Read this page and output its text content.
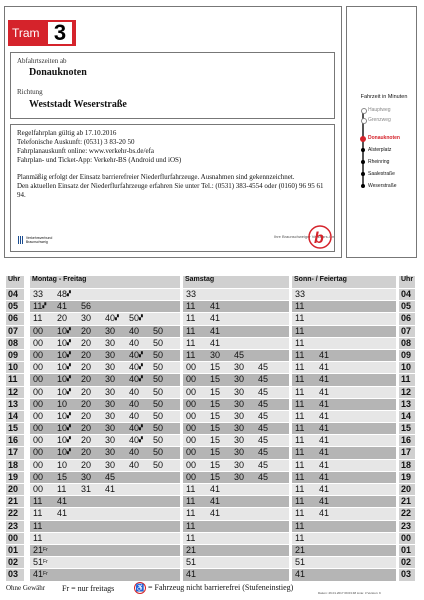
Tram 3
Abfahrtszeiten ab
Donauknoten
Richtung
Weststadt Weserstraße

Regelfahrplan gültig ab 17.10.2016

Telefonische Auskunft: (0531) 3 83-20 50

Fahrplanauskunft online: www.verkehr-bs.de/efa

Fahrplan- und Ticket-App: Verkehr-BS (Android und iOS)

Planmäßig erfolgt der Einsatz barrierefreier Niederflurfahrzeuge. Ausnahmen sind gekennzeichnet.

Den aktuellen Einsatz der Niederflurfahrzeuge erfahren Sie unter Tel.: (0531) 383-4554 oder (0160) 96 95 61 94.

Verkehrsverbund Braunschweig
Ihre Braunschweiger Verkehrs-GmbH
b
Fahrzeit in Minuten
Hauptweg
Grenzweg
Donauknoten
Alsterplatz
Rheinring
Saalestraße
Weserstraße
Uhr	Montag - Freitag	Samstag	Sonn- / Feiertag	Uhr
04	33 48▞	33	33	04
05	11▞ 41 56	11 41	11	05
06	11 20 30 40▞ 50▞	11 41	11	06
07	00 10▞ 20 30 40 50	11 41	11	07
08	00 10▞ 20 30 40 50	11 41	11	08
09	00 10▞ 20 30 40▞ 50	11 30 45	11 41	09
10	00 10▞ 20 30 40▞ 50	00 15 30 45	11 41	10
11	00 10▞ 20 30 40▞ 50	00 15 30 45	11 41	11
12	00 10▞ 20 30 40 50	00 15 30 45	11 41	12
13	00 10 20 30 40 50	00 15 30 45	11 41	13
14	00 10▞ 20 30 40 50	00 15 30 45	11 41	14
15	00 10▞ 20 30 40▞ 50	00 15 30 45	11 41	15
16	00 10▞ 20 30 40▞ 50	00 15 30 45	11 41	16
17	00 10▞ 20 30 40 50	00 15 30 45	11 41	17
18	00 10 20 30 40 50	00 15 30 45	11 41	18
19	00 15 30 45	00 15 30 45	11 41	19
20	00 11 31 41	11 41	11 41	20
21	11 41	11 41	11 41	21
22	11 41	11 41	11 41	22
23	11	11	11	23
00	11	11	11	00
01	$21^{Fr}$	21	21	01
02	$51^{Fr}$	51	51	02
03	$41^{Fr}$	41	41	03
Ohne Gewähr Fr = nur freitags	♿ = Fahrzeug nicht barrierefrei (Stufeneinstieg)
Datum: 26.01.2017 09:03:48 Linie: 3 Version: 9
